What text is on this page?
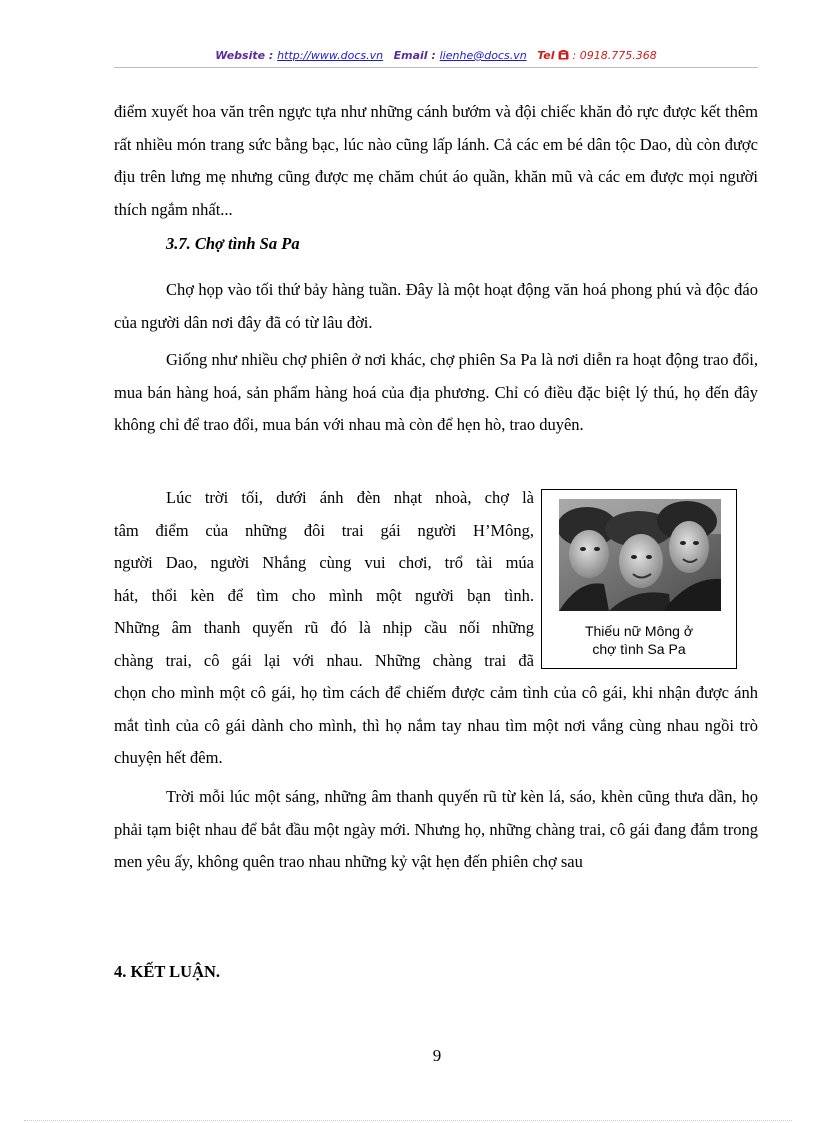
Website : http://www.docs.vn Email : lienhe@docs.vn Tel  : 0918.775.368
điểm xuyết hoa văn trên ngực tựa như những cánh bướm và đội chiếc khăn đỏ rực được kết thêm rất nhiều món trang sức bằng bạc, lúc nào cũng lấp lánh. Cả các em bé dân tộc Dao, dù còn được địu trên lưng mẹ nhưng cũng được mẹ chăm chút áo quần, khăn mũ và các em được mọi người thích ngắm nhất...
3.7. Chợ tình Sa Pa
Chợ họp vào tối thứ bảy hàng tuần. Đây là một hoạt động văn hoá phong phú và độc đáo của người dân nơi đây đã có từ lâu đời.
Giống như nhiều chợ phiên ở nơi khác, chợ phiên Sa Pa là nơi diễn ra hoạt động trao đổi, mua bán hàng hoá, sản phẩm hàng hoá của địa phương. Chỉ có điều đặc biệt lý thú, họ đến đây không chỉ để trao đổi, mua bán với nhau mà còn để hẹn hò, trao duyên.
Lúc trời tối, dưới ánh đèn nhạt nhoà, chợ là
tâm điểm của những đôi trai gái người H’Mông,
người Dao, người Nhắng cùng vui chơi, trổ tài múa
hát, thổi kèn để tìm cho mình một người bạn tình.
Những âm thanh quyến rũ đó là nhịp cầu nối những
chàng trai, cô gái lại với nhau. Những chàng trai đã
chọn cho mình một cô gái, họ tìm cách để chiếm được cảm tình của cô gái, khi nhận được ánh mắt tình của cô gái dành cho mình, thì họ nắm tay nhau tìm một nơi vắng cùng nhau ngồi trò chuyện hết đêm.
Thiếu nữ Mông ở
chợ tình Sa Pa
Trời mỗi lúc một sáng, những âm thanh quyến rũ từ kèn lá, sáo, khèn cũng thưa dần, họ phải tạm biệt nhau để bắt đầu một ngày mới. Nhưng họ, những chàng trai, cô gái đang đắm trong men yêu ấy, không quên trao nhau những kỷ vật hẹn đến phiên chợ sau
4. KẾT LUẬN.
9
